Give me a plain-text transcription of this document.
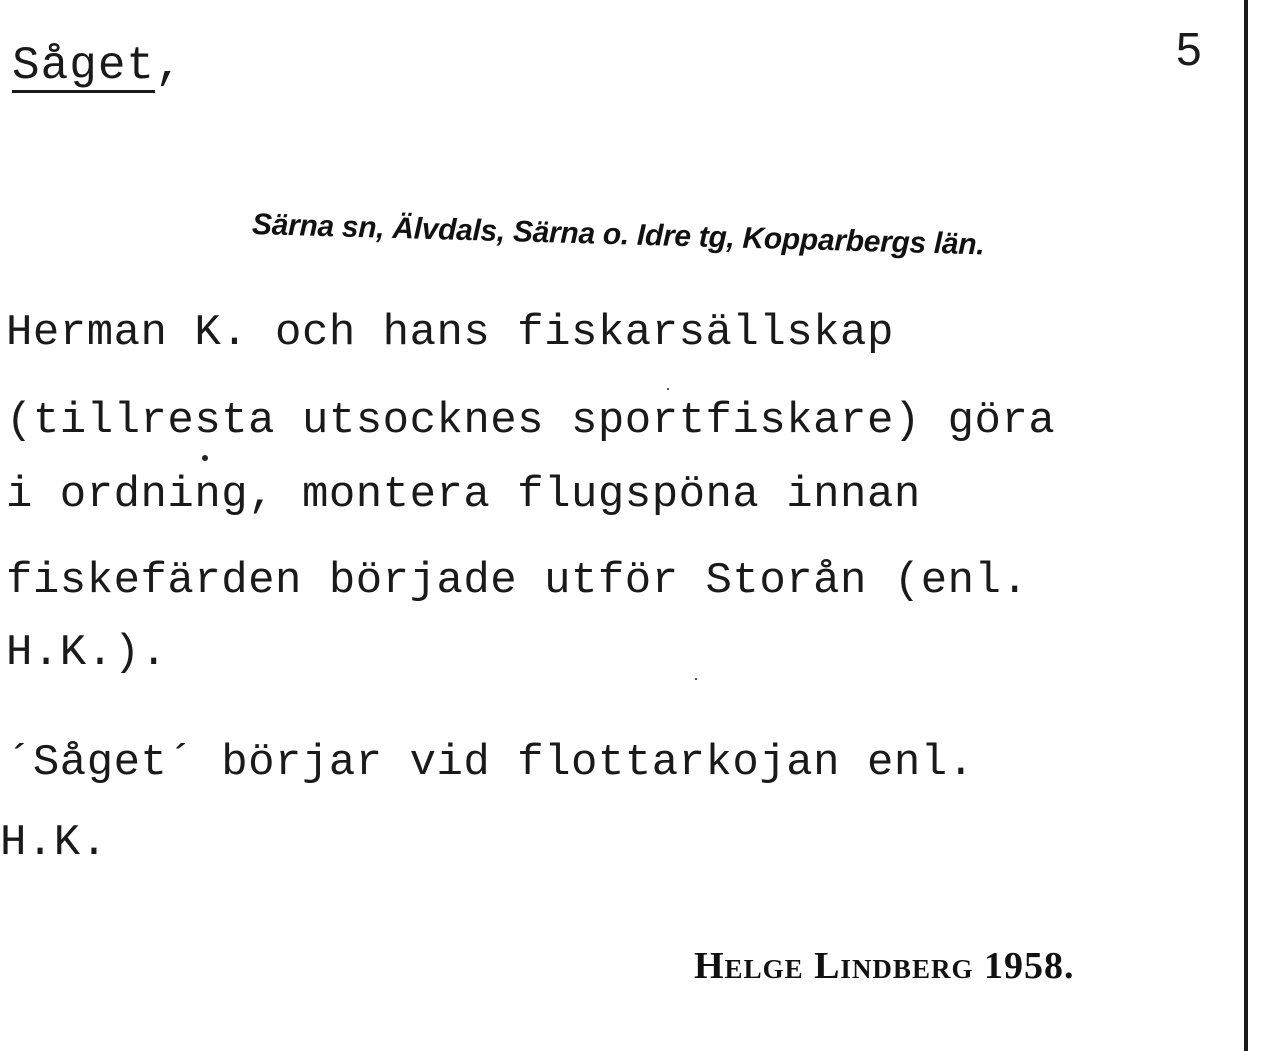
Såget,	5

Särna sn, Älvdals, Särna o. Idre tg, Kopparbergs län.

Herman K. och hans fiskarsällskap

(tillresta utsocknes sportfiskare) göra

i ordning, montera flugspöna innan

fiskefärden började utför Storån (enl.

H.K.).

´Såget´ börjar vid flottarkojan enl.

H.K.

Helge Lindberg 1958.
